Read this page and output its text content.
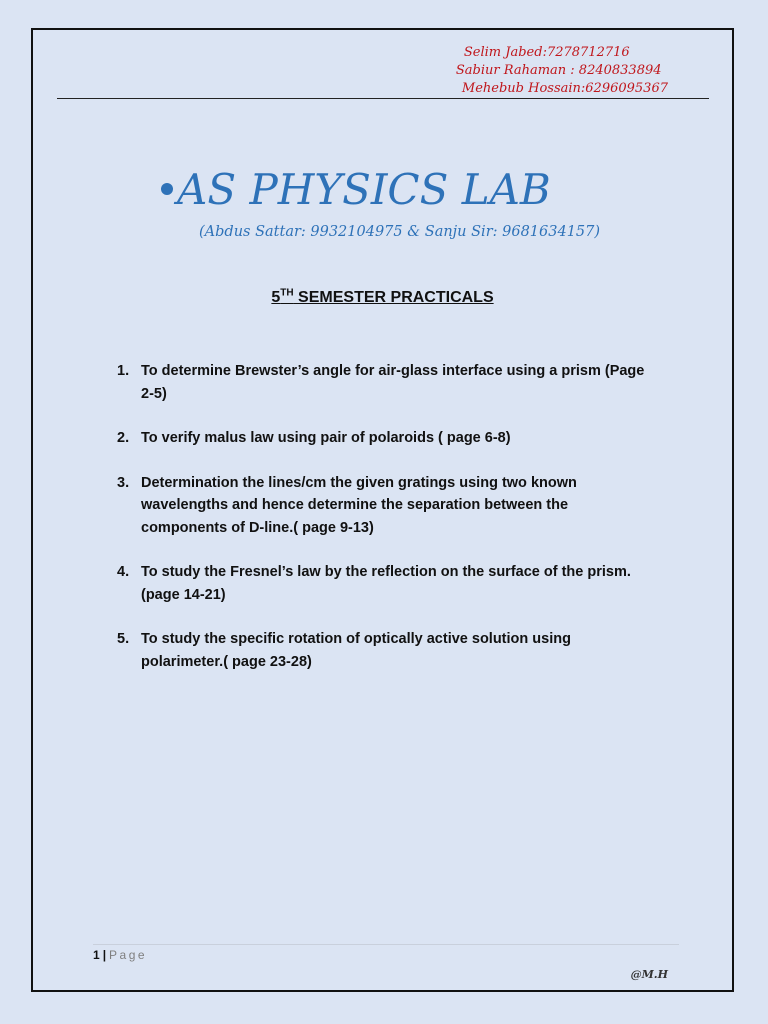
Selim Jabed:7278712716
Sabiur Rahaman : 8240833894
Mehebub Hossain:6296095367
AS PHYSICS LAB
(Abdus Sattar: 9932104975 & Sanju Sir: 9681634157)
5TH SEMESTER PRACTICALS
1. To determine Brewster’s angle for air-glass interface using a prism (Page 2-5)
2. To verify malus law using pair of polaroids ( page 6-8)
3. Determination the lines/cm the given gratings using two known wavelengths and hence determine the separation between the components of D-line.( page 9-13)
4. To study the Fresnel’s law by the reflection on the surface of the prism.(page 14-21)
5. To study the specific rotation of optically active solution using polarimeter.( page 23-28)
1 | Page
@M.H
